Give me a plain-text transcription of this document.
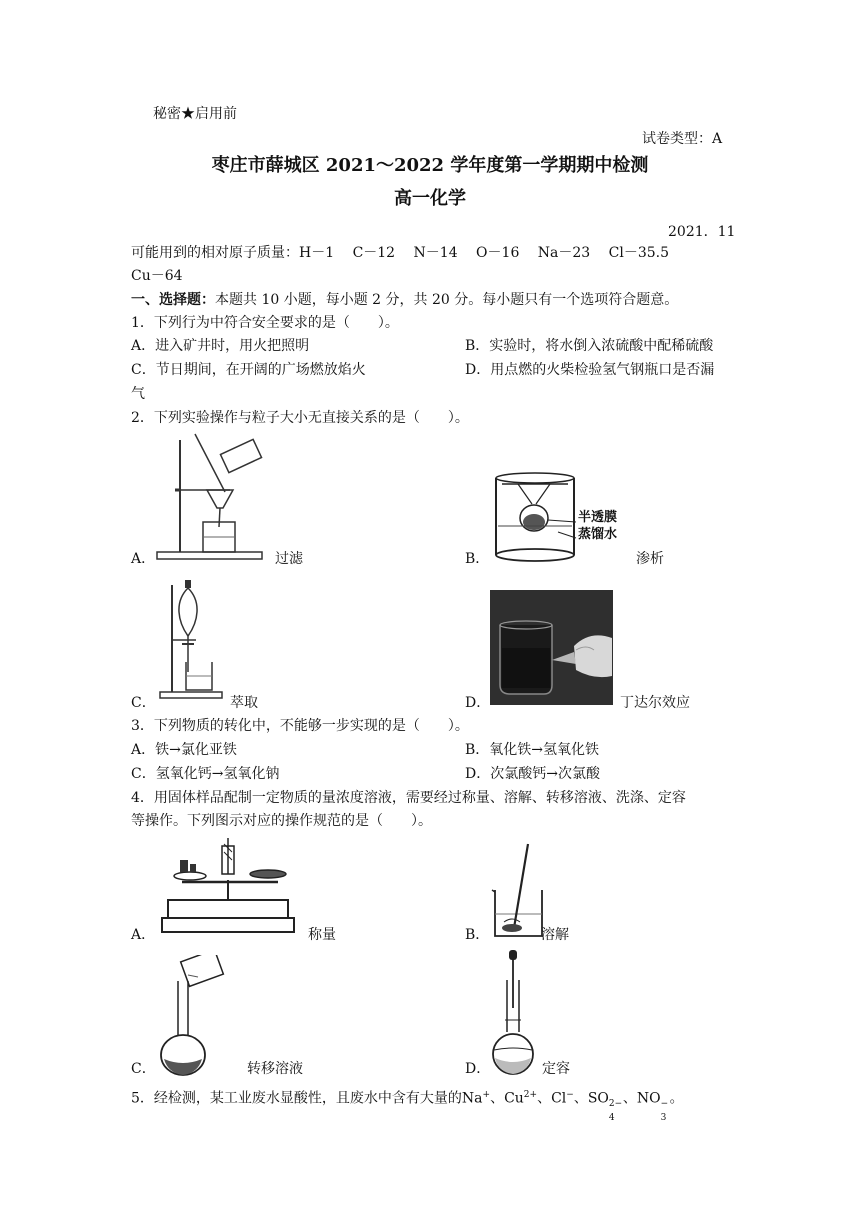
秘密★启用前
试卷类型：A
枣庄市薛城区 2021～2022 学年度第一学期期中检测
高一化学
2021．11
可能用到的相对原子质量：H－1　 C－12　 N－14　 O－16　 Na－23　 Cl－35.5
Cu－64
一、选择题：本题共 10 小题，每小题 2 分，共 20 分。每小题只有一个选项符合题意。
1．下列行为中符合安全要求的是（　　）。
A．进入矿井时，用火把照明	B．实验时，将水倒入浓硫酸中配稀硫酸
C．节日期间，在开阔的广场燃放焰火	D．用点燃的火柴检验氢气钢瓶口是否漏
气
2．下列实验操作与粒子大小无直接关系的是（　　）。
A．	过滤	B．
半透膜
蒸馏水
渗析
C．	萃取	D．	丁达尔效应
3．下列物质的转化中，不能够一步实现的是（　　）。
A．铁→氯化亚铁	B．氧化铁→氢氧化铁
C．氢氧化钙→氢氧化钠	D．次氯酸钙→次氯酸
4．用固体样品配制一定物质的量浓度溶液，需要经过称量、溶解、转移溶液、洗涤、定容
等操作。下列图示对应的操作规范的是（　　）。
A．	称量	B．	溶解
C．	转移溶液	D．	定容
5．经检测，某工业废水显酸性，且废水中含有大量的Na+、$Cu^{2+}$、Cl−、SO 2−
4
、NO −
3
。
